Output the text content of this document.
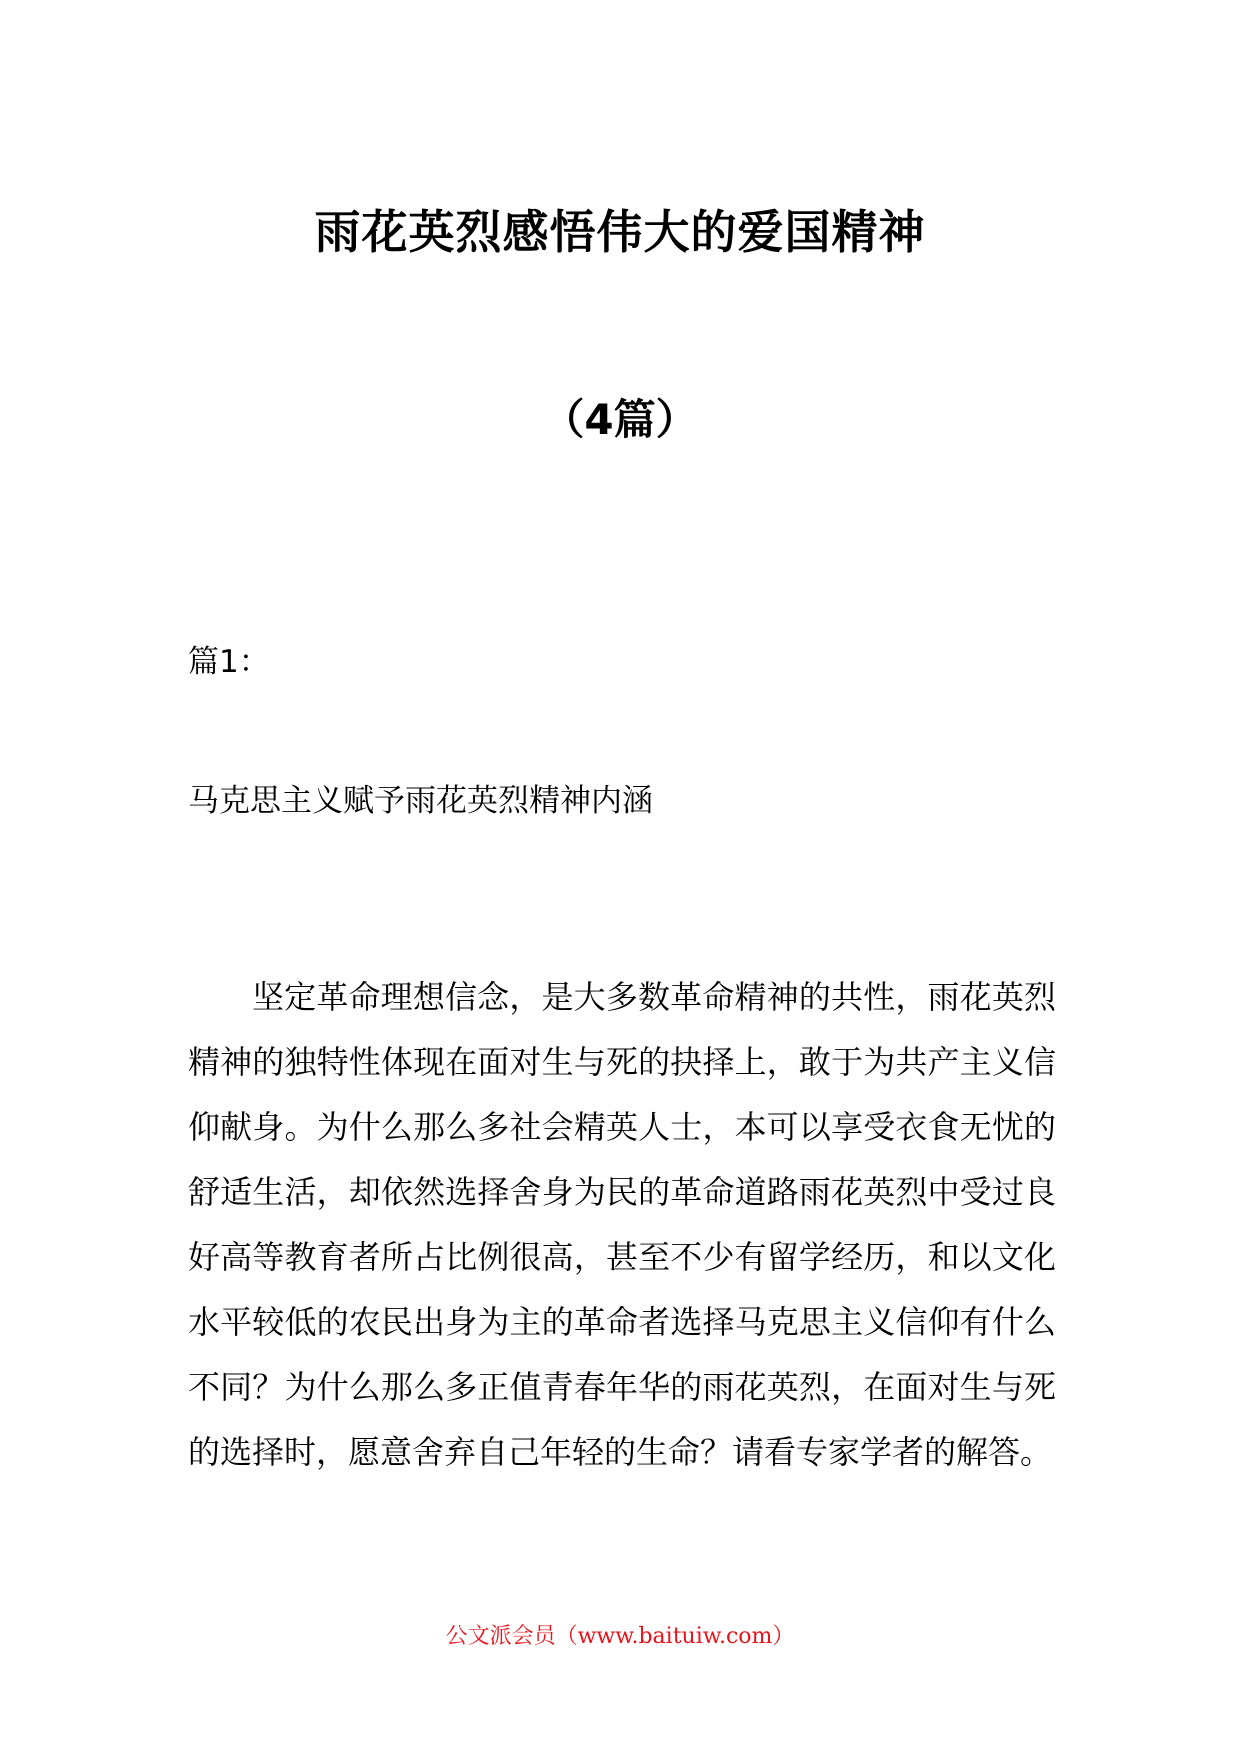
雨花英烈感悟伟大的爱国精神
（4篇）
篇1：
马克思主义赋予雨花英烈精神内涵

坚定革命理想信念，是大多数革命精神的共性，雨花英烈精神的独特性体现在面对生与死的抉择上，敢于为共产主义信仰献身。为什么那么多社会精英人士，本可以享受衣食无忧的舒适生活，却依然选择舍身为民的革命道路雨花英烈中受过良好高等教育者所占比例很高，甚至不少有留学经历，和以文化水平较低的农民出身为主的革命者选择马克思主义信仰有什么不同？为什么那么多正值青春年华的雨花英烈，在面对生与死的选择时，愿意舍弃自己年轻的生命？请看专家学者的解答。

公文派会员（www.baituiw.com）
